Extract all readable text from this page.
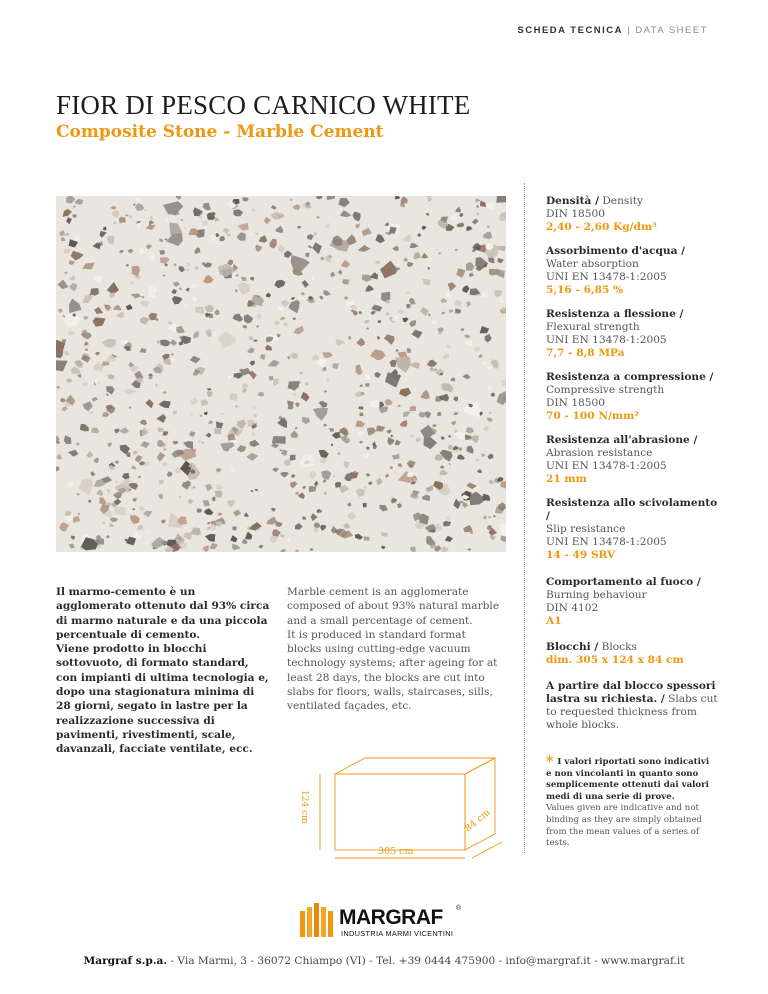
SCHEDA TECNICA | DATA SHEET
FIOR DI PESCO CARNICO WHITE
Composite Stone - Marble Cement
Densità / Density
DIN 18500
2,40 - 2,60 Kg/dm³
Assorbimento d'acqua /
Water absorption
UNI EN 13478-1:2005
5,16 - 6,85 %
Resistenza a flessione /
Flexural strength
UNI EN 13478-1:2005
7,7 - 8,8 MPa
Resistenza a compressione /
Compressive strength
DIN 18500
70 - 100 N/mm²
Resistenza all'abrasione /
Abrasion resistance
UNI EN 13478-1:2005
21 mm
Resistenza allo scivolamento /
Slip resistance
UNI EN 13478-1:2005
14 - 49 SRV
Comportamento al fuoco / Burning behaviour
DIN 4102
A1
Blocchi / Blocks
dim. 305 x 124 x 84 cm
A partire dal blocco spessori lastra su richiesta. / Slabs cut to requested thickness from whole blocks.

Il marmo-cemento è un agglomerato ottenuto dal 93% circa di marmo naturale e da una piccola percentuale di cemento.

Viene prodotto in blocchi sottovuoto, di formato standard, con impianti di ultima tecnologia e, dopo una stagionatura minima di 28 giorni, segato in lastre per la realizzazione successiva di pavimenti, rivestimenti, scale, davanzali, facciate ventilate, ecc.

Marble cement is an agglomerate composed of about 93% natural marble and a small percentage of cement.

It is produced in standard format blocks using cutting-edge vacuum technology systems; after ageing for at least 28 days, the blocks are cut into slabs for floors, walls, staircases, sills, ventilated façades, etc.

124 cm
305 cm
84 cm
* I valori riportati sono indicativi e non vincolanti in quanto sono semplicemente ottenuti dai valori medi di una serie di prove.
Values given are indicative and not binding as they are simply obtained from the mean values of a series of tests.
MARGRAF ®
INDUSTRIA MARMI VICENTINI
Margraf s.p.a. - Via Marmi, 3 - 36072 Chiampo (VI) - Tel. +39 0444 475900 - info@margraf.it - www.margraf.it
